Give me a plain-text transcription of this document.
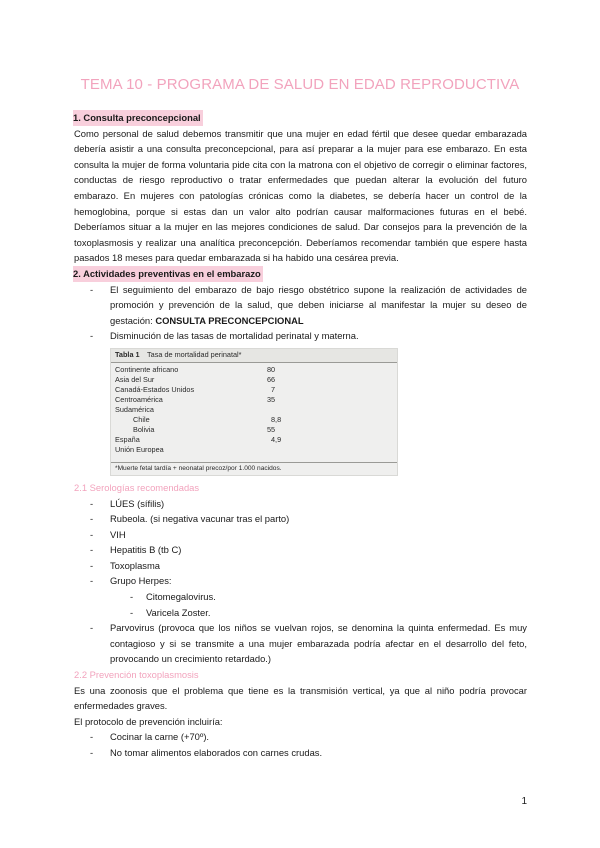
TEMA 10 - PROGRAMA DE SALUD EN EDAD REPRODUCTIVA
1. Consulta preconcepcional

Como personal de salud debemos transmitir que una mujer en edad fértil que desee quedar embarazada debería asistir a una consulta preconcepcional, para así preparar a la mujer para ese embarazo. En esta consulta la mujer de forma voluntaria pide cita con la matrona con el objetivo de corregir o eliminar factores, conductas de riesgo reproductivo o tratar enfermedades que puedan alterar la evolución del futuro embarazo. En mujeres con patologías crónicas como la diabetes, se debería hacer un control de la hemoglobina, porque si estas dan un valor alto podrían causar malformaciones futuras en el bebé. Deberíamos situar a la mujer en las mejores condiciones de salud. Dar consejos para la prevención de la toxoplasmosis y realizar una analítica preconcepción. Deberíamos recomendar también que espere hasta pasados 18 meses para quedar embarazada si ha habido una cesárea previa.

2. Actividades preventivas en el embarazo
- El seguimiento del embarazo de bajo riesgo obstétrico supone la realización de actividades de promoción y prevención de la salud, que deben iniciarse al manifestar la mujer su deseo de gestación: CONSULTA PRECONCEPCIONAL
- Disminución de las tasas de mortalidad perinatal y materna.
Tabla 1 Tasa de mortalidad perinatal*
Continente africano	80
Asia del Sur	66
Canadá-Estados Unidos	7
Centroamérica	35
Sudamérica
Chile	8,8
Bolivia	55
España	4,9
Unión Europea
*Muerte fetal tardía + neonatal precoz/por 1.000 nacidos.

2.1 Serologías recomendadas

- LÚES (sífilis)
- Rubeola. (si negativa vacunar tras el parto)
- VIH
- Hepatitis B (tb C)
- Toxoplasma
- Grupo Herpes:
- Citomegalovirus.
- Varicela Zoster.
- Parvovirus (provoca que los niños se vuelvan rojos, se denomina la quinta enfermedad. Es muy contagioso y si se transmite a una mujer embarazada podría afectar en el desarrollo del feto, provocando un crecimiento retardado.)

2.2 Prevención toxoplasmosis

Es una zoonosis que el problema que tiene es la transmisión vertical, ya que al niño podría provocar enfermedades graves.

El protocolo de prevención incluiría:

- Cocinar la carne (+70º).
- No tomar alimentos elaborados con carnes crudas.
1
